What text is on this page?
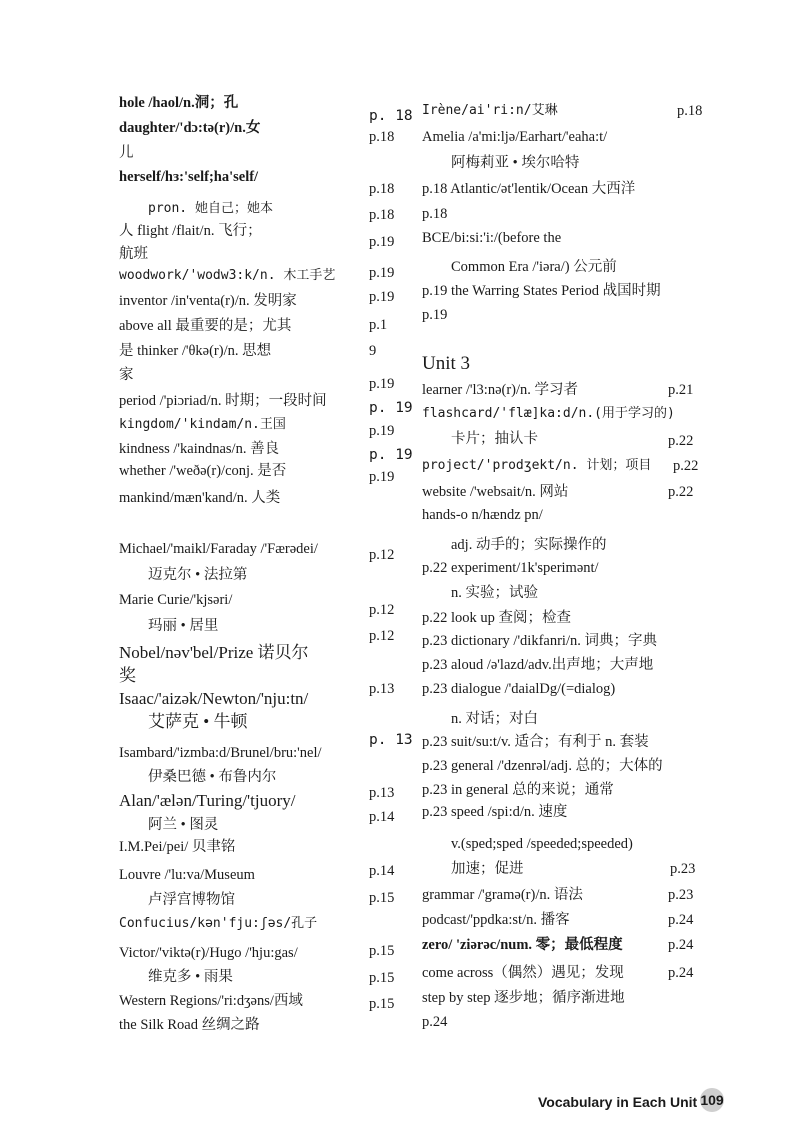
hole /haol/n.洞；孔
daughter/'dɔ:tə(r)/n.女
儿
herself/hɜ:'self;ha'self/
pron. 她自己；她本
人 flight /flait/n. 飞行；
航班
woodwork/'wodw3:k/n. 木工手艺
inventor /in'venta(r)/n. 发明家
above all 最重要的是；尤其
是 thinker /'θkə(r)/n. 思想
家
period /'piɔriad/n. 时期；一段时间
kingdom/'kindam/n.王国
kindness /'kaindnas/n. 善良
whether /'weðə(r)/conj. 是否
mankind/mæn'kand/n. 人类
Michael/'maikl/Faraday /'Færədei/
迈克尔 • 法拉第
Marie Curie/'kjsəri/
玛丽 • 居里
Nobel/nəv'bel/Prize 诺贝尔
奖
Isaac/'aizək/Newton/'nju:tn/
艾萨克 • 牛顿
Isambard/'izmba:d/Brunel/bru:'nel/
伊桑巴德 • 布鲁内尔
Alan/'ælən/Turing/'tjuory/
阿兰 • 图灵
I.M.Pei/pei/ 贝聿铭
Louvre /'lu:va/Museum
卢浮宫博物馆
Confucius/kən'fju:ʃəs/孔子
Victor/'viktə(r)/Hugo /'hju:gas/
维克多 • 雨果
Western Regions/'ri:dʒəns/西域
the Silk Road 丝绸之路
p. 18
p.18
p.18
p.18
p.19
p.19
p.19
p.1
9
p.19
p. 19
p.19
p. 19
p.19
p.12
p.12
p.12
p.13
p. 13
p.13
p.14
p.14
p.15
p.15
p.15
p.15
Irène/ai'ri:n/艾琳
Amelia /a'mi:ljə/Earhart/'eaha:t/
阿梅莉亚 • 埃尔哈特
p.18 Atlantic/ət'lentik/Ocean 大西洋
p.18
BCE/bi:si:'i:/(before the
Common Era /'iəra/) 公元前
p.19 the Warring States Period 战国时期
p.19
Unit 3
learner /'l3:nə(r)/n. 学习者
flashcard/'flæ]ka:d/n.(用于学习的)
卡片；抽认卡
project/'prodʒekt/n. 计划；项目
website /'websait/n. 网站
hands-o n/hændz pn/
adj. 动手的；实际操作的
p.22 experiment/1k'sperimənt/
n. 实验；试验
p.22 look up 查阅；检查
p.23 dictionary /'dikfanri/n. 词典；字典
p.23 aloud /ə'lazd/adv.出声地；大声地
p.23 dialogue /'daialDg/(=dialog)
n. 对话；对白
p.23 suit/su:t/v. 适合；有利于 n. 套装
p.23 general /'dzenrəl/adj. 总的；大体的
p.23 in general 总的来说；通常
p.23 speed /spi:d/n. 速度
v.(sped;sped /speeded;speeded)
加速；促进
grammar /'gramə(r)/n. 语法
podcast/'ppdka:st/n. 播客
zero/ 'ziərəc/num. 零；最低程度
come across（偶然）遇见；发现
step by step 逐步地；循序渐进地
p.24
p.18
p.21
p.22
p.22
p.22
p.23
p.23
p.24
p.24
p.24
Vocabulary in Each Unit 109
